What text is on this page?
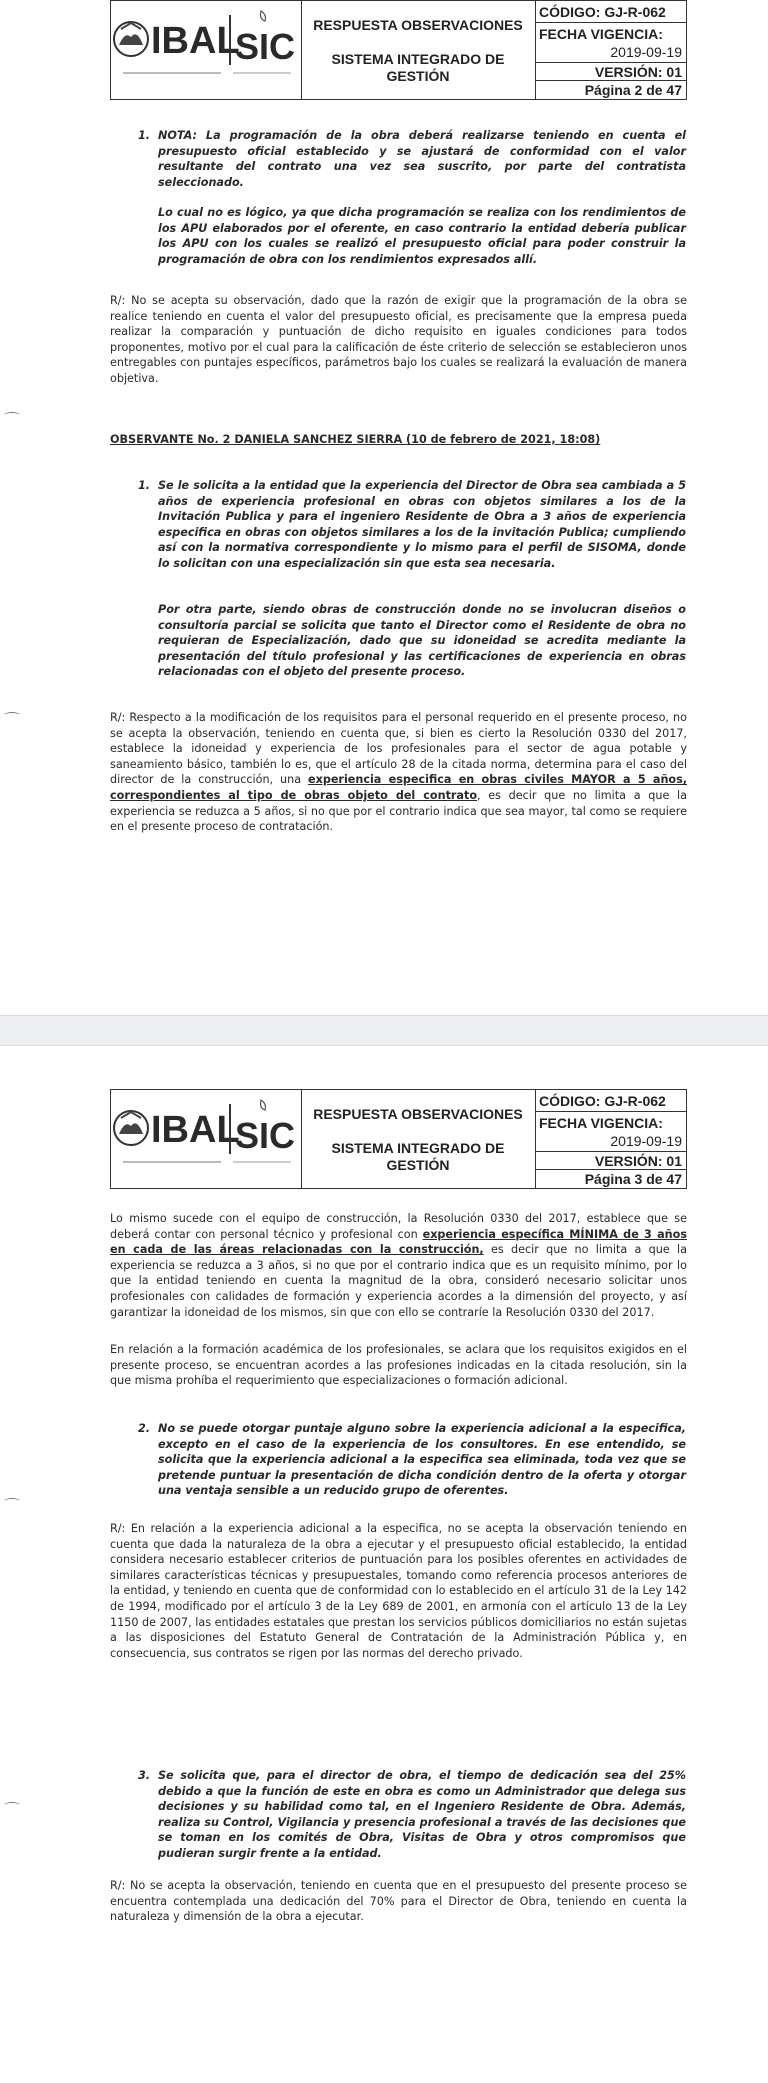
IBAL
SIC
RESPUESTA OBSERVACIONES
SISTEMA INTEGRADO DE GESTIÓN
CÓDIGO: GJ-R-062
FECHA VIGENCIA:
2019-09-19
VERSIÓN: 01
Página 2 de 47
1. NOTA: La programación de la obra deberá realizarse teniendo en cuenta el presupuesto oficial establecido y se ajustará de conformidad con el valor resultante del contrato una vez sea suscrito, por parte del contratista seleccionado.
Lo cual no es lógico, ya que dicha programación se realiza con los rendimientos de los APU elaborados por el oferente, en caso contrario la entidad debería publicar los APU con los cuales se realizó el presupuesto oficial para poder construir la programación de obra con los rendimientos expresados allí.
R/: No se acepta su observación, dado que la razón de exigir que la programación de la obra se realice teniendo en cuenta el valor del presupuesto oficial, es precisamente que la empresa pueda realizar la comparación y puntuación de dicho requisito en iguales condiciones para todos proponentes, motivo por el cual para la calificación de éste criterio de selección se establecieron unos entregables con puntajes específicos, parámetros bajo los cuales se realizará la evaluación de manera objetiva.
OBSERVANTE No. 2 DANIELA SANCHEZ SIERRA (10 de febrero de 2021, 18:08)
1. Se le solicita a la entidad que la experiencia del Director de Obra sea cambiada a 5 años de experiencia profesional en obras con objetos similares a los de la Invitación Publica y para el ingeniero Residente de Obra a 3 años de experiencia especifica en obras con objetos similares a los de la invitación Publica; cumpliendo así con la normativa correspondiente y lo mismo para el perfil de SISOMA, donde lo solicitan con una especialización sin que esta sea necesaria.
Por otra parte, siendo obras de construcción donde no se involucran diseños o consultoría parcial se solicita que tanto el Director como el Residente de obra no requieran de Especialización, dado que su idoneidad se acredita mediante la presentación del título profesional y las certificaciones de experiencia en obras relacionadas con el objeto del presente proceso.
R/: Respecto a la modificación de los requisitos para el personal requerido en el presente proceso, no se acepta la observación, teniendo en cuenta que, si bien es cierto la Resolución 0330 del 2017, establece la idoneidad y experiencia de los profesionales para el sector de agua potable y saneamiento básico, también lo es, que el artículo 28 de la citada norma, determina para el caso del director de la construcción, una experiencia especifica en obras civiles MAYOR a 5 años, correspondientes al tipo de obras objeto del contrato, es decir que no limita a que la experiencia se reduzca a 5 años, si no que por el contrario indica que sea mayor, tal como se requiere en el presente proceso de contratación.
IBAL
SIC
RESPUESTA OBSERVACIONES
SISTEMA INTEGRADO DE GESTIÓN
CÓDIGO: GJ-R-062
FECHA VIGENCIA:
2019-09-19
VERSIÓN: 01
Página 3 de 47
Lo mismo sucede con el equipo de construcción, la Resolución 0330 del 2017, establece que se deberá contar con personal técnico y profesional con experiencia específica MÍNIMA de 3 años en cada de las áreas relacionadas con la construcción, es decir que no limita a que la experiencia se reduzca a 3 años, si no que por el contrario indica que es un requisito mínimo, por lo que la entidad teniendo en cuenta la magnitud de la obra, consideró necesario solicitar unos profesionales con calidades de formación y experiencia acordes a la dimensión del proyecto, y así garantizar la idoneidad de los mismos, sin que con ello se contraríe la Resolución 0330 del 2017.
En relación a la formación académica de los profesionales, se aclara que los requisitos exigidos en el presente proceso, se encuentran acordes a las profesiones indicadas en la citada resolución, sin la que misma prohíba el requerimiento que especializaciones o formación adicional.
2. No se puede otorgar puntaje alguno sobre la experiencia adicional a la especifica, excepto en el caso de la experiencia de los consultores. En ese entendido, se solicita que la experiencia adicional a la especifica sea eliminada, toda vez que se pretende puntuar la presentación de dicha condición dentro de la oferta y otorgar una ventaja sensible a un reducido grupo de oferentes.
R/: En relación a la experiencia adicional a la especifica, no se acepta la observación teniendo en cuenta que dada la naturaleza de la obra a ejecutar y el presupuesto oficial establecido, la entidad considera necesario establecer criterios de puntuación para los posibles oferentes en actividades de similares características técnicas y presupuestales, tomando como referencia procesos anteriores de la entidad, y teniendo en cuenta que de conformidad con lo establecido en el artículo 31 de la Ley 142 de 1994, modificado por el artículo 3 de la Ley 689 de 2001, en armonía con el artículo 13 de la Ley 1150 de 2007, las entidades estatales que prestan los servicios públicos domiciliarios no están sujetas a las disposiciones del Estatuto General de Contratación de la Administración Pública y, en consecuencia, sus contratos se rigen por las normas del derecho privado.
3. Se solicita que, para el director de obra, el tiempo de dedicación sea del 25% debido a que la función de este en obra es como un Administrador que delega sus decisiones y su habilidad como tal, en el Ingeniero Residente de Obra. Además, realiza su Control, Vigilancia y presencia profesional a través de las decisiones que se toman en los comités de Obra, Visitas de Obra y otros compromisos que pudieran surgir frente a la entidad.
R/: No se acepta la observación, teniendo en cuenta que en el presupuesto del presente proceso se encuentra contemplada una dedicación del 70% para el Director de Obra, teniendo en cuenta la naturaleza y dimensión de la obra a ejecutar.
